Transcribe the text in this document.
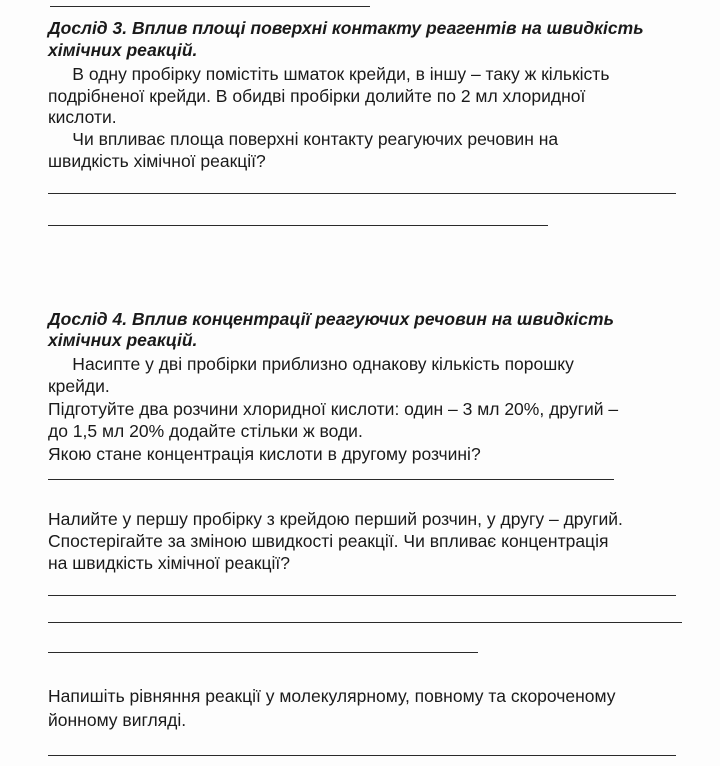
Дослід 3. Вплив площі поверхні контакту реагентів на швидкість
хімічних реакцій.
В одну пробірку помістіть шматок крейди, в іншу – таку ж кількість
подрібненої крейди. В обидві пробірки долийте по 2 мл хлоридної
кислоти.
Чи впливає площа поверхні контакту реагуючих речовин на
швидкість хімічної реакції?
Дослід 4. Вплив концентрації реагуючих речовин на швидкість
хімічних реакцій.
Насипте у дві пробірки приблизно однакову кількість порошку
крейди.
Підготуйте два розчини хлоридної кислоти: один – 3 мл 20%, другий –
до 1,5 мл 20% додайте стільки ж води.
Якою стане концентрація кислоти в другому розчині?
Налийте у першу пробірку з крейдою перший розчин, у другу – другий.
Спостерігайте за зміною швидкості реакції. Чи впливає концентрація
на швидкість хімічної реакції?
Напишіть рівняння реакції у молекулярному, повному та скороченому
йонному вигляді.
